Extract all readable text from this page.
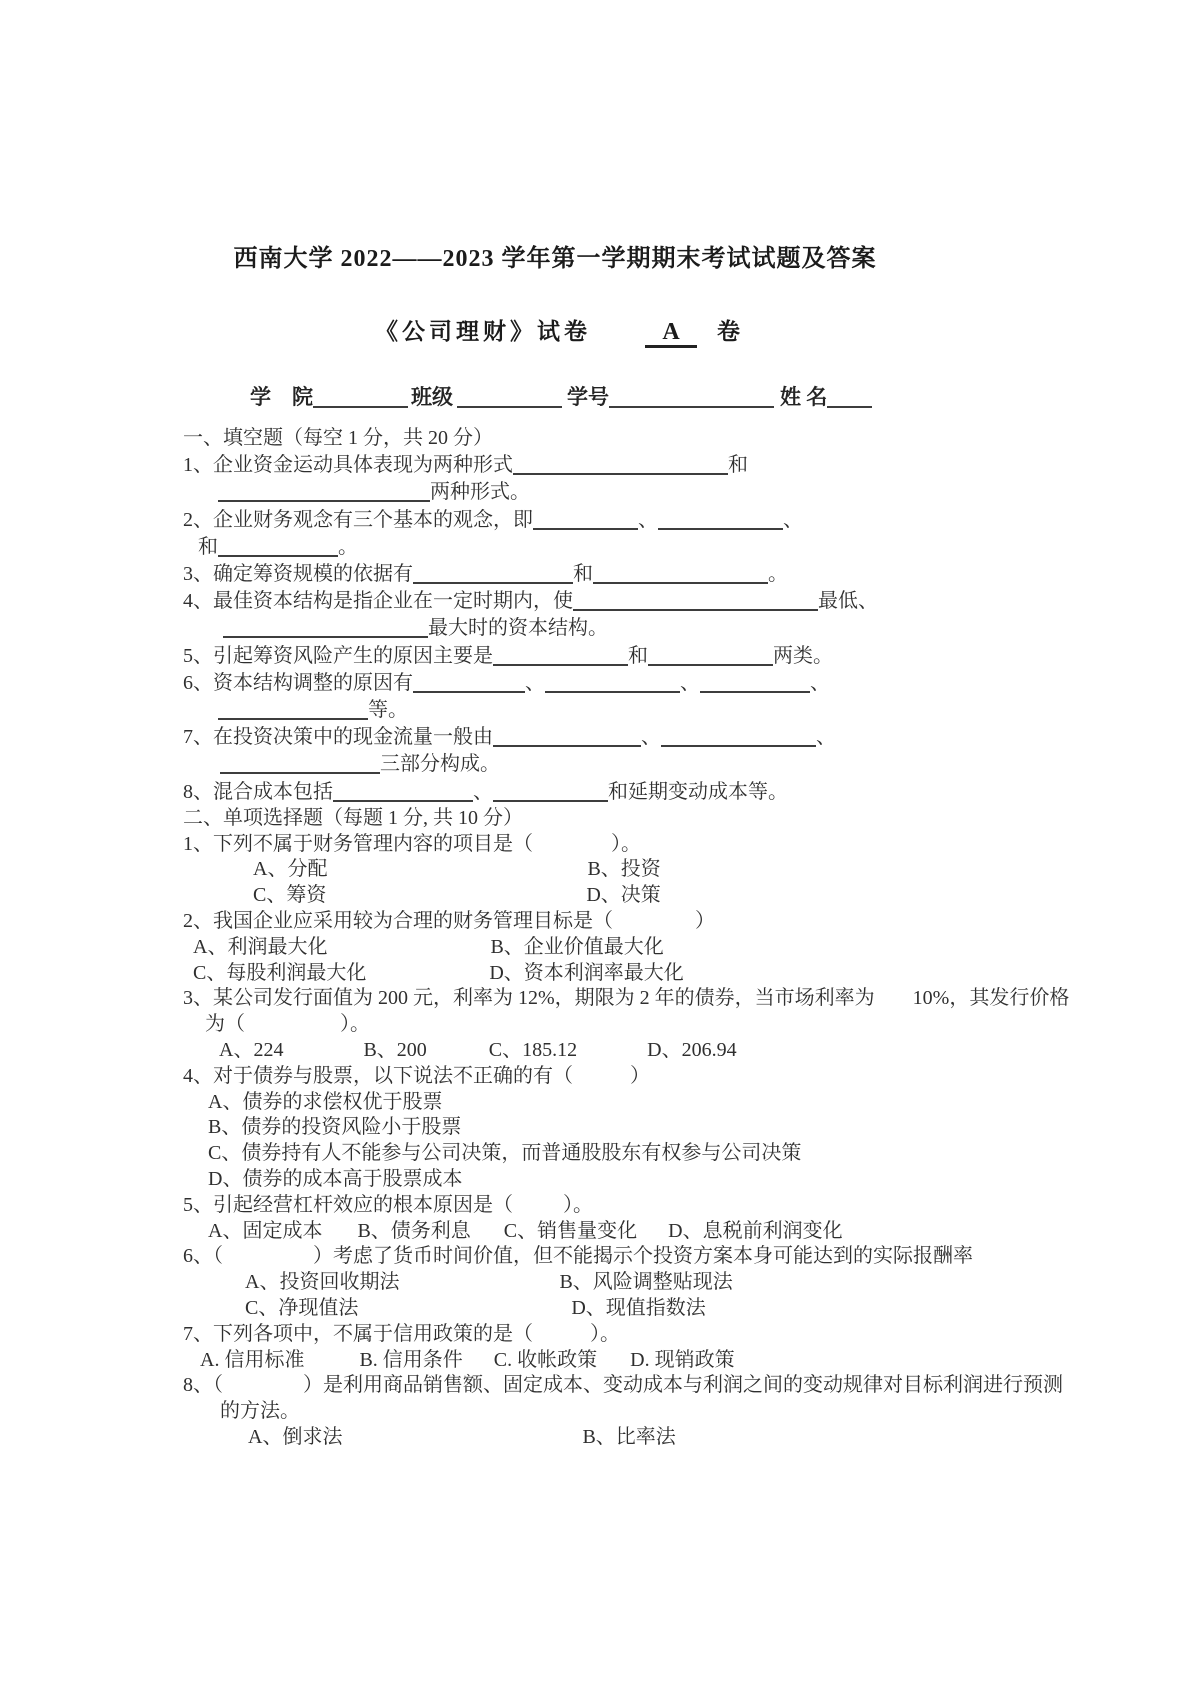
西南大学 2022——2023 学年第一学期期末考试试题及答案
《公司理财》试卷	A 卷
学　院	班级	学号	姓 名
一、填空题（每空 1 分，共 20 分）
1、企业资金运动具体表现为两种形式	和
两种形式。
2、企业财务观念有三个基本的观念，即	、	、
和	。
3、确定筹资规模的依据有	和	。
4、最佳资本结构是指企业在一定时期内，使	最低、
最大时的资本结构。
5、引起筹资风险产生的原因主要是	和	两类。
6、资本结构调整的原因有	、	、	、
等。
7、在投资决策中的现金流量一般由	、	、
三部分构成。
8、混合成本包括	、	和延期变动成本等。
二、单项选择题（每题 1 分, 共 10 分）
1、下列不属于财务管理内容的项目是（	）。
A、分配	B、投资
C、筹资	D、决策
2、我国企业应采用较为合理的财务管理目标是（	）
A、利润最大化	B、企业价值最大化
C、每股利润最大化	D、资本利润率最大化
3、某公司发行面值为 200 元，利率为 12%，期限为 2 年的债券，当市场利率为 10%，其发行价格
为（	）。
A、224	B、200	C、185.12	D、206.94
4、对于债券与股票，以下说法不正确的有（	）
A、债券的求偿权优于股票
B、债券的投资风险小于股票
C、债券持有人不能参与公司决策，而普通股股东有权参与公司决策
D、债券的成本高于股票成本
5、引起经营杠杆效应的根本原因是（	）。
A、固定成本 B、债务利息 C、销售量变化 D、息税前利润变化
6、（	）考虑了货币时间价值，但不能揭示个投资方案本身可能达到的实际报酬率
A、投资回收期法	B、风险调整贴现法
C、净现值法	D、现值指数法
7、下列各项中，不属于信用政策的是（	）。
A. 信用标准	B. 信用条件 C. 收帐政策 D. 现销政策
8、（	）是利用商品销售额、固定成本、变动成本与利润之间的变动规律对目标利润进行预测
的方法。
A、倒求法	B、比率法
